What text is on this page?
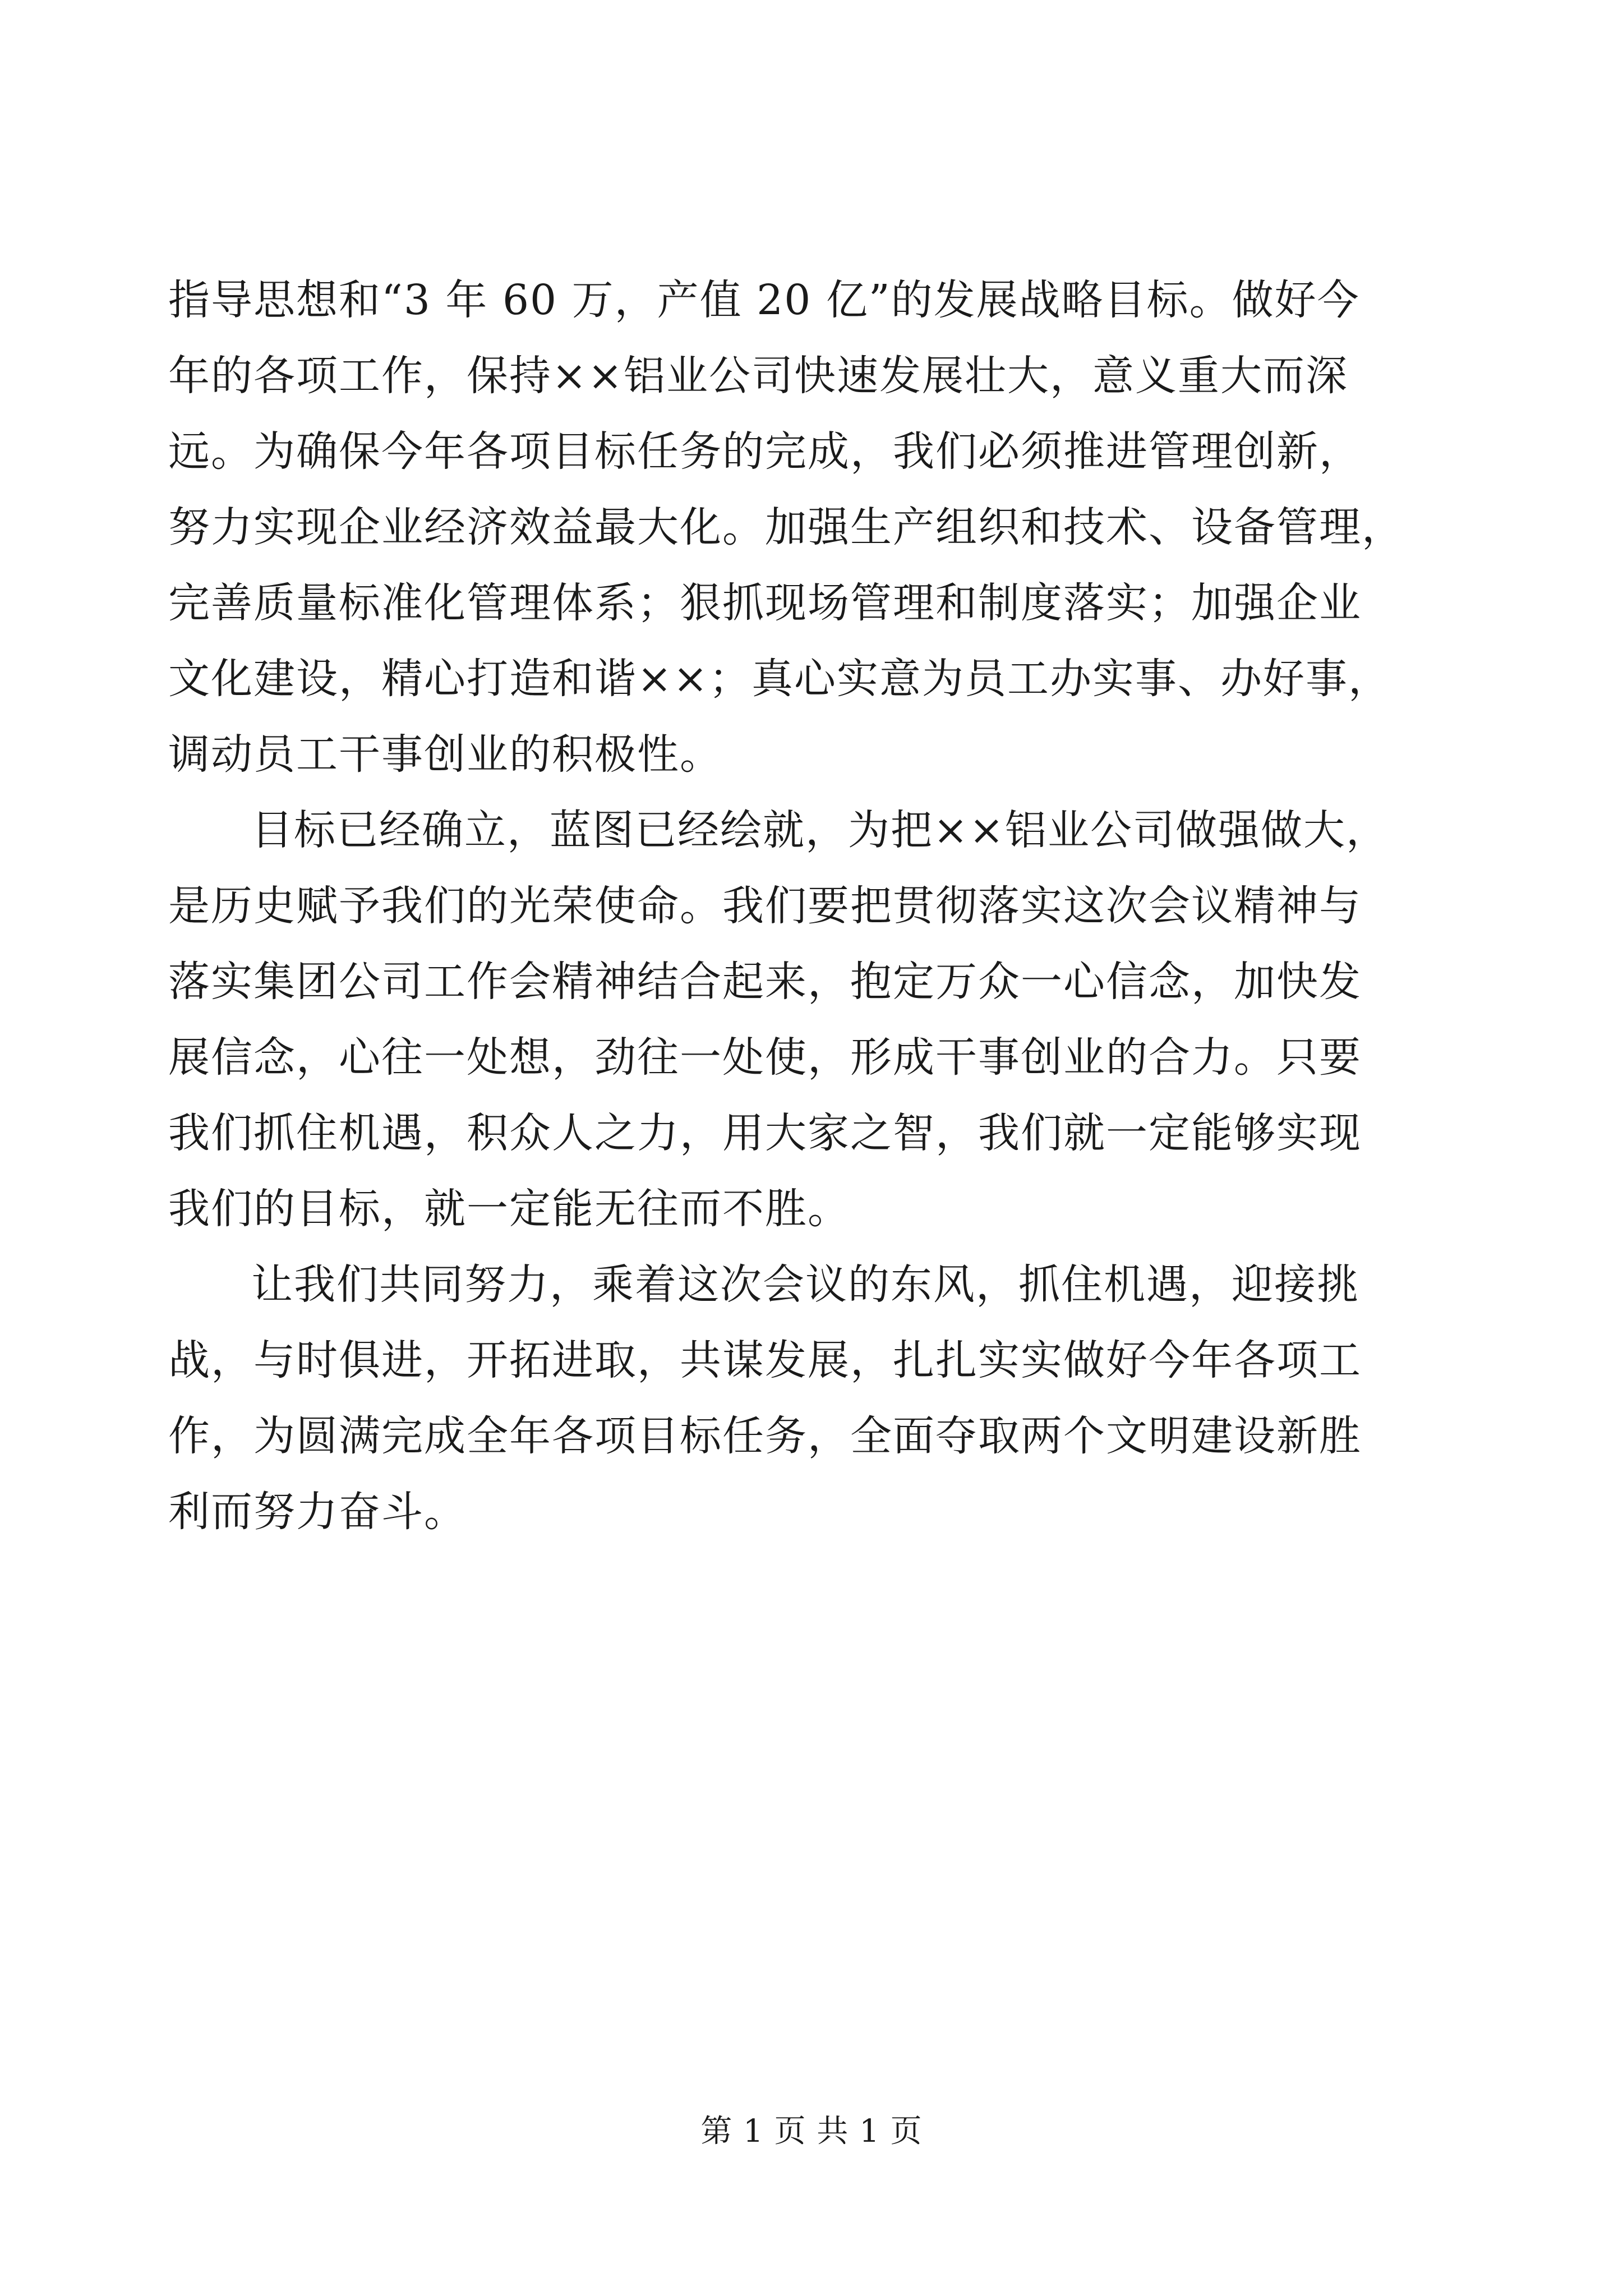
指导思想和“3 年 60 万，产值 20 亿”的发展战略目标。做好今
年的各项工作，保持××铝业公司快速发展壮大，意义重大而深
远。为确保今年各项目标任务的完成，我们必须推进管理创新，
努力实现企业经济效益最大化。加强生产组织和技术、设备管理，
完善质量标准化管理体系；狠抓现场管理和制度落实；加强企业
文化建设，精心打造和谐××；真心实意为员工办实事、办好事，
调动员工干事创业的积极性。
目标已经确立，蓝图已经绘就，为把××铝业公司做强做大，
是历史赋予我们的光荣使命。我们要把贯彻落实这次会议精神与
落实集团公司工作会精神结合起来，抱定万众一心信念，加快发
展信念，心往一处想，劲往一处使，形成干事创业的合力。只要
我们抓住机遇，积众人之力，用大家之智，我们就一定能够实现
我们的目标，就一定能无往而不胜。
让我们共同努力，乘着这次会议的东风，抓住机遇，迎接挑
战，与时俱进，开拓进取，共谋发展，扎扎实实做好今年各项工
作，为圆满完成全年各项目标任务，全面夺取两个文明建设新胜
利而努力奋斗。
第 1 页 共 1 页
